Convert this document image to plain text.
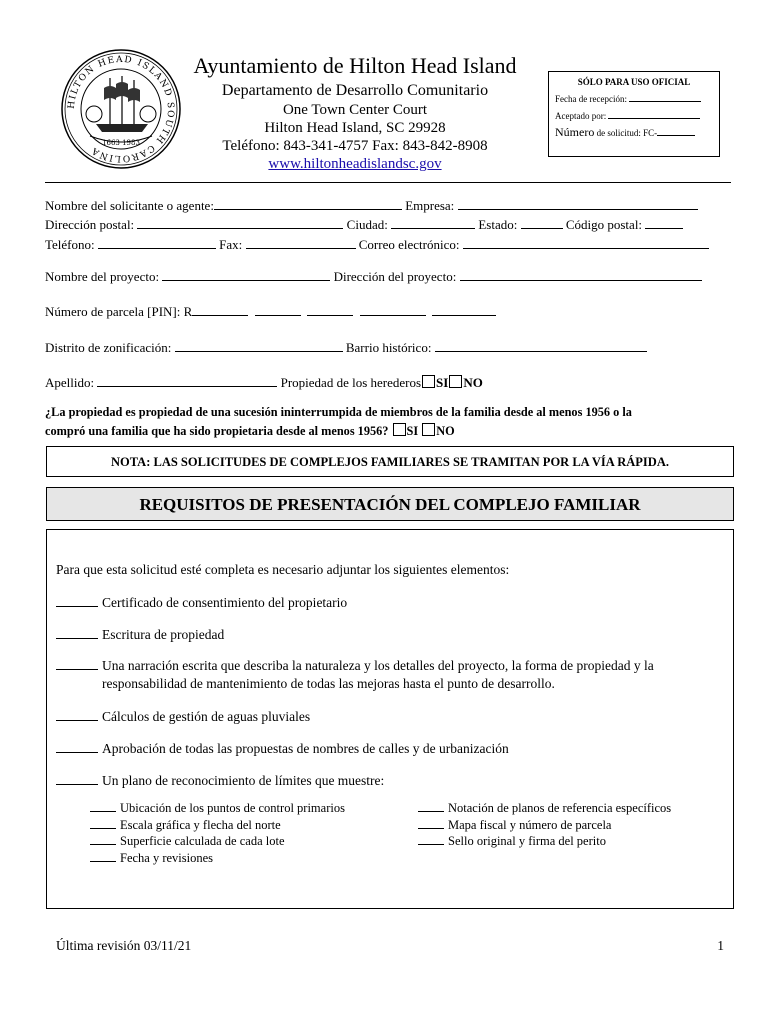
HILTON HEAD ISLAND SOUTH CAROLINA
1663 1983
Ayuntamiento de Hilton Head Island
Departamento de Desarrollo Comunitario
One Town Center Court
Hilton Head Island, SC 29928
Teléfono: 843-341-4757 Fax: 843-842-8908
www.hiltonheadislandsc.gov
SÓLO PARA USO OFICIAL
Fecha de recepción:
Aceptado por:
Número de solicitud: FC-
Nombre del solicitante o agente:	Empresa:
Dirección postal:	Ciudad:	Estado:	Código postal:
Teléfono:	Fax:	Correo electrónico:
Nombre del proyecto:	Dirección del proyecto:
Número de parcela [PIN]: R
Distrito de zonificación:	Barrio histórico:
Apellido:	Propiedad de los herederos SI NO
¿La propiedad es propiedad de una sucesión ininterrumpida de miembros de la familia desde al menos 1956 o la
compró una familia que ha sido propietaria desde al menos 1956? SI NO
NOTA: LAS SOLICITUDES DE COMPLEJOS FAMILIARES SE TRAMITAN POR LA VÍA RÁPIDA.
REQUISITOS DE PRESENTACIÓN DEL COMPLEJO FAMILIAR
Para que esta solicitud esté completa es necesario adjuntar los siguientes elementos:
Certificado de consentimiento del propietario
Escritura de propiedad
Una narración escrita que describa la naturaleza y los detalles del proyecto, la forma de propiedad y la
responsabilidad de mantenimiento de todas las mejoras hasta el punto de desarrollo.
Cálculos de gestión de aguas pluviales
Aprobación de todas las propuestas de nombres de calles y de urbanización
Un plano de reconocimiento de límites que muestre:
Ubicación de los puntos de control primarios
Escala gráfica y flecha del norte
Superficie calculada de cada lote
Fecha y revisiones
Notación de planos de referencia específicos
Mapa fiscal y número de parcela
Sello original y firma del perito
Última revisión 03/11/21	1
